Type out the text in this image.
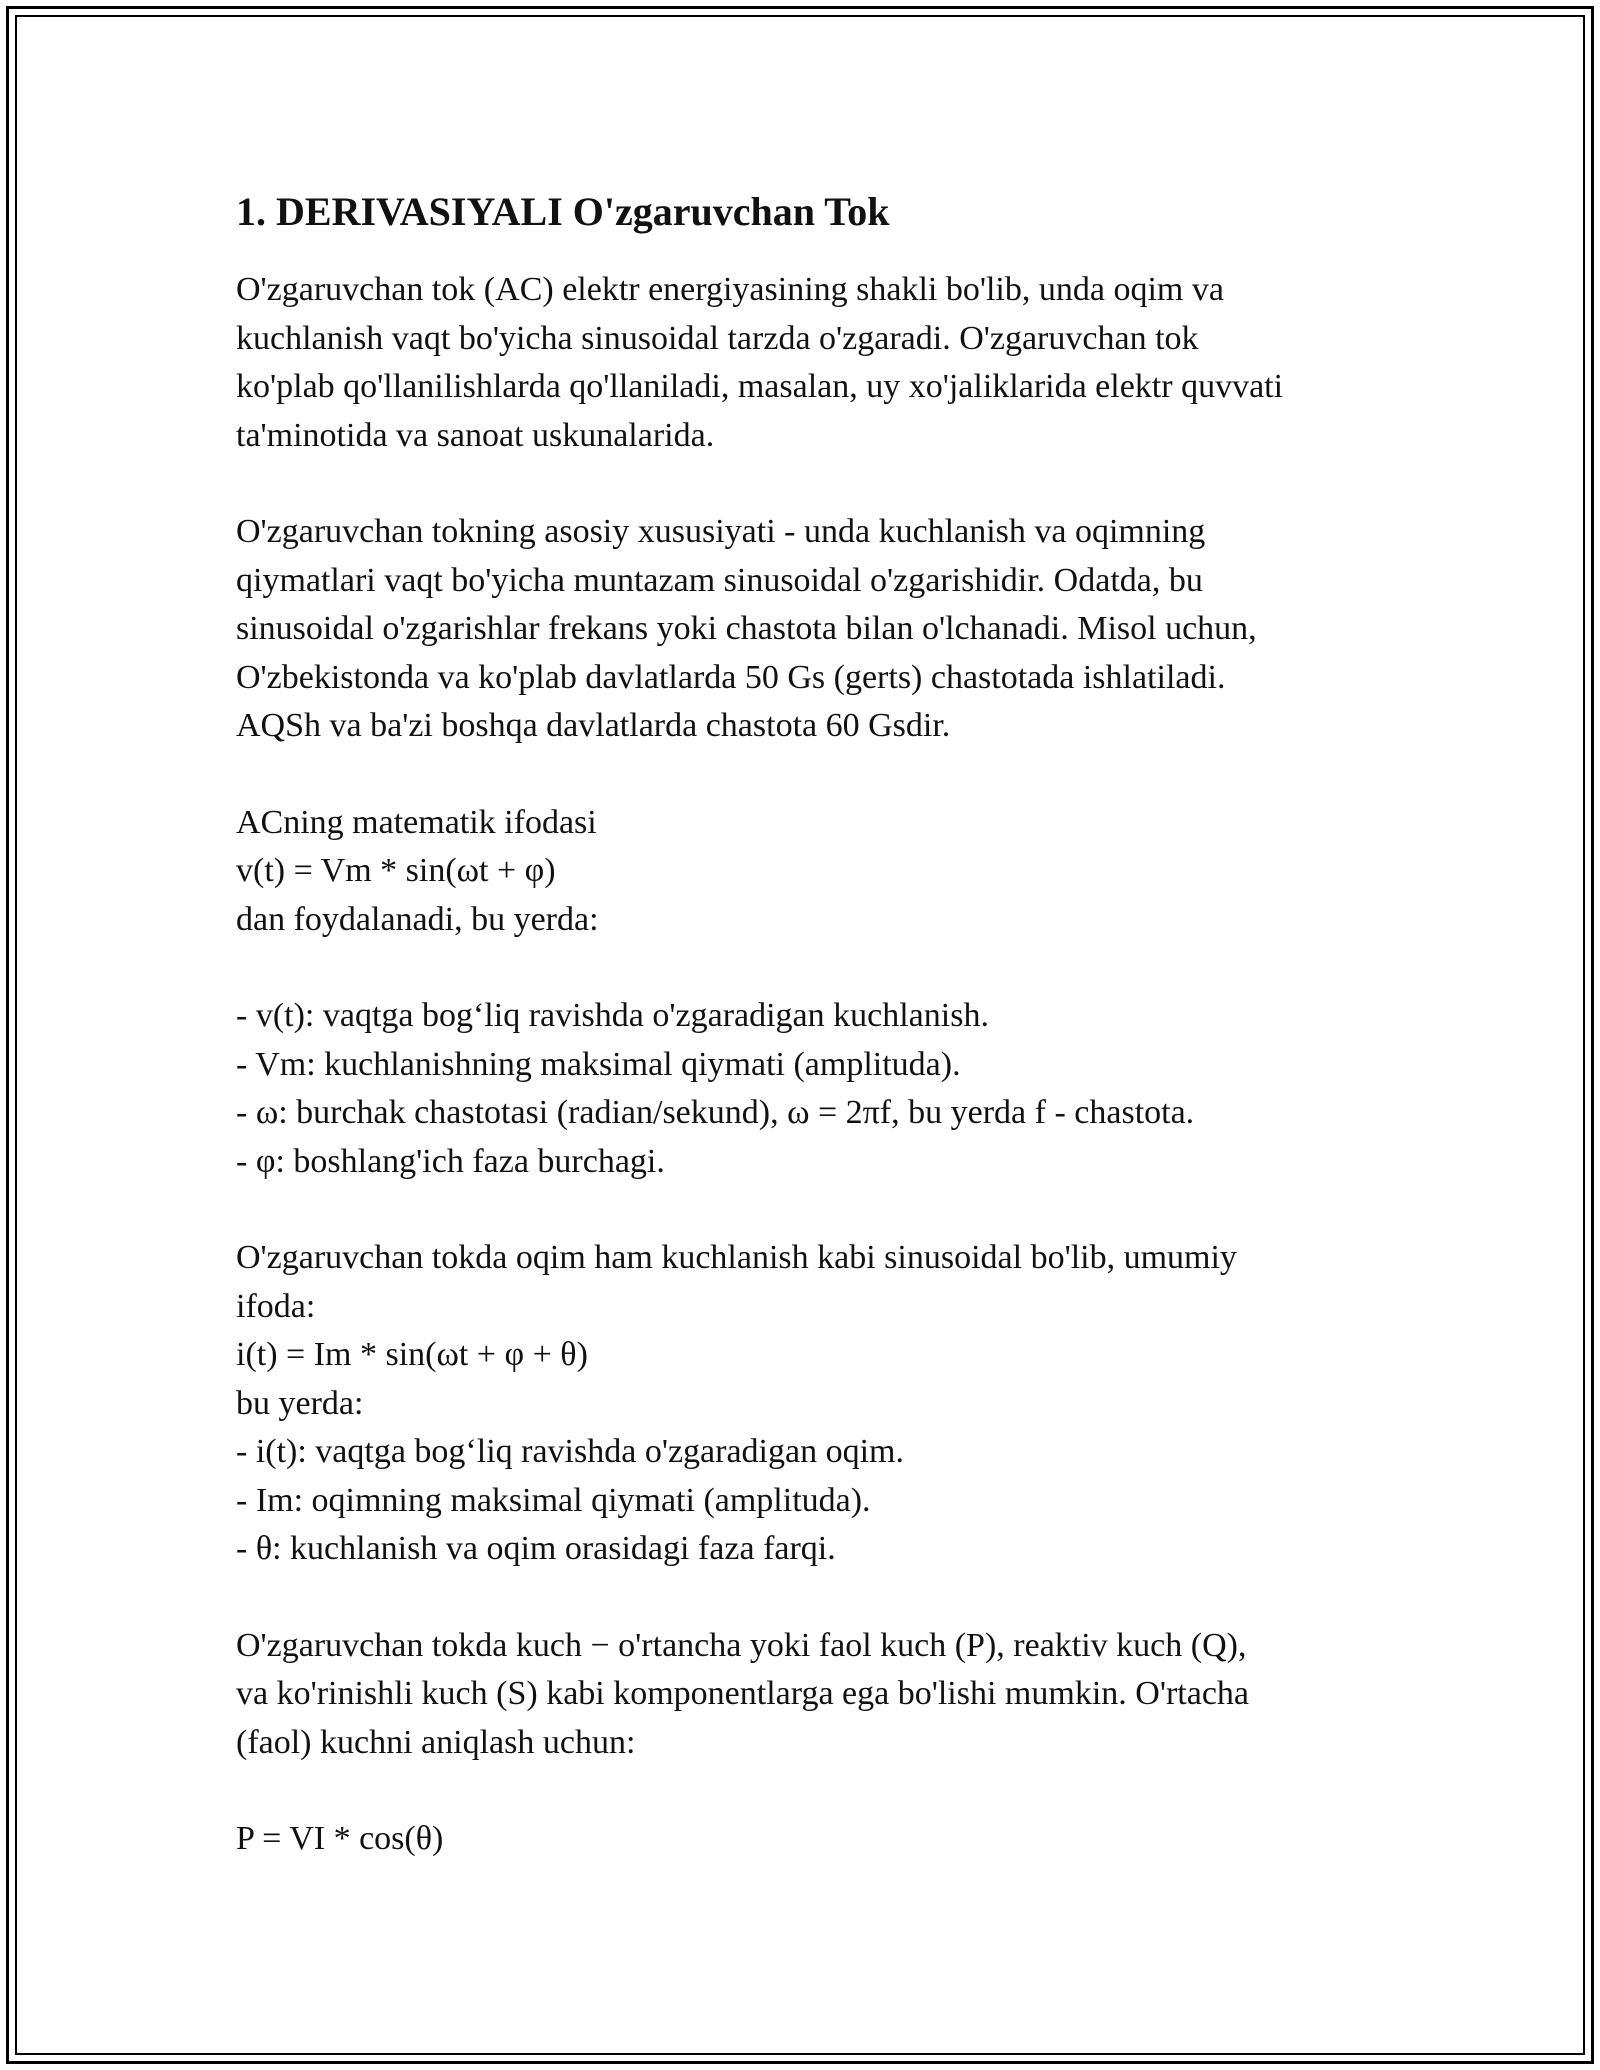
1. DERIVASIYALI O'zgaruvchan Tok
O'zgaruvchan tok (AC) elektr energiyasining shakli bo'lib, unda oqim va
kuchlanish vaqt bo'yicha sinusoidal tarzda o'zgaradi. O'zgaruvchan tok
ko'plab qo'llanilishlarda qo'llaniladi, masalan, uy xo'jaliklarida elektr quvvati
ta'minotida va sanoat uskunalarida.
O'zgaruvchan tokning asosiy xususiyati - unda kuchlanish va oqimning
qiymatlari vaqt bo'yicha muntazam sinusoidal o'zgarishidir. Odatda, bu
sinusoidal o'zgarishlar frekans yoki chastota bilan o'lchanadi. Misol uchun,
O'zbekistonda va ko'plab davlatlarda 50 Gs (gerts) chastotada ishlatiladi.
AQSh va ba'zi boshqa davlatlarda chastota 60 Gsdir.
ACning matematik ifodasi
v(t) = Vm * sin(ωt + φ)
dan foydalanadi, bu yerda:
- v(t): vaqtga bog‘liq ravishda o'zgaradigan kuchlanish.
- Vm: kuchlanishning maksimal qiymati (amplituda).
- ω: burchak chastotasi (radian/sekund), ω = 2πf, bu yerda f - chastota.
- φ: boshlang'ich faza burchagi.
O'zgaruvchan tokda oqim ham kuchlanish kabi sinusoidal bo'lib, umumiy
ifoda:
i(t) = Im * sin(ωt + φ + θ)
bu yerda:
- i(t): vaqtga bog‘liq ravishda o'zgaradigan oqim.
- Im: oqimning maksimal qiymati (amplituda).
- θ: kuchlanish va oqim orasidagi faza farqi.
O'zgaruvchan tokda kuch − o'rtancha yoki faol kuch (P), reaktiv kuch (Q),
va ko'rinishli kuch (S) kabi komponentlarga ega bo'lishi mumkin. O'rtacha
(faol) kuchni aniqlash uchun:
P = VI * cos(θ)
